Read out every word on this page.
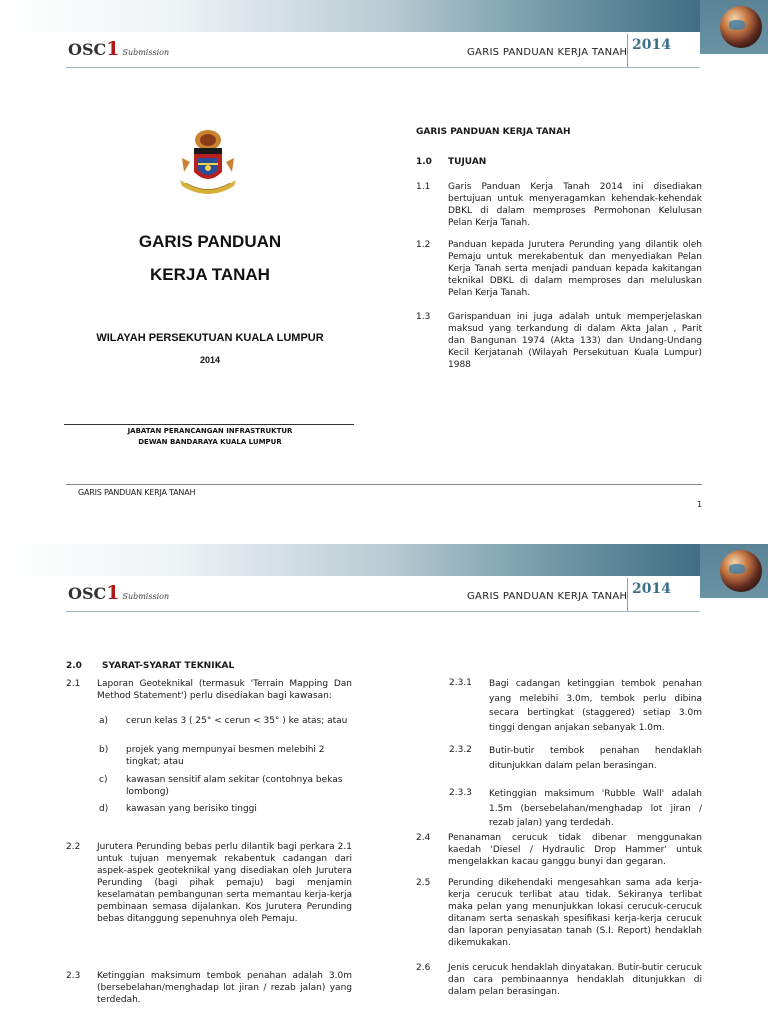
OSC1 Submission	GARIS PANDUAN KERJA TANAH 2014
GARIS PANDUAN
KERJA TANAH
WILAYAH PERSEKUTUAN KUALA LUMPUR
2014
JABATAN PERANCANGAN INFRASTRUKTUR
DEWAN BANDARAYA KUALA LUMPUR
GARIS PANDUAN KERJA TANAH
1.0 TUJUAN
1.1 Garis Panduan Kerja Tanah 2014 ini disediakan bertujuan untuk menyeragamkan kehendak-kehendak DBKL di dalam memproses Permohonan Kelulusan Pelan Kerja Tanah.
1.2 Panduan kepada Jurutera Perunding yang dilantik oleh Pemaju untuk merekabentuk dan menyediakan Pelan Kerja Tanah serta menjadi panduan kepada kakitangan teknikal DBKL di dalam memproses dan meluluskan Pelan Kerja Tanah.
1.3 Garispanduan ini juga adalah untuk memperjelaskan maksud yang terkandung di dalam Akta Jalan , Parit dan Bangunan 1974 (Akta 133) dan Undang-Undang Kecil Kerjatanah (Wilayah Persekutuan Kuala Lumpur) 1988
GARIS PANDUAN KERJA TANAH
1
OSC1 Submission	GARIS PANDUAN KERJA TANAH 2014
2.0 SYARAT-SYARAT TEKNIKAL
2.1 Laporan Geoteknikal (termasuk 'Terrain Mapping Dan Method Statement') perlu disediakan bagi kawasan:
a) cerun kelas 3 ( 25° < cerun < 35° ) ke atas; atau
b) projek yang mempunyai besmen melebihi 2 tingkat; atau
c) kawasan sensitif alam sekitar (contohnya bekas lombong)
d) kawasan yang berisiko tinggi
2.2 Jurutera Perunding bebas perlu dilantik bagi perkara 2.1 untuk tujuan menyemak rekabentuk cadangan dari aspek-aspek geoteknikal yang disediakan oleh Jurutera Perunding (bagi pihak pemaju) bagi menjamin keselamatan pembangunan serta memantau kerja-kerja pembinaan semasa dijalankan. Kos Jurutera Perunding bebas ditanggung sepenuhnya oleh Pemaju.
2.3 Ketinggian maksimum tembok penahan adalah 3.0m (bersebelahan/menghadap lot jiran / rezab jalan) yang terdedah.
2.3.1 Bagi cadangan ketinggian tembok penahan yang melebihi 3.0m, tembok perlu dibina secara bertingkat (staggered) setiap 3.0m tinggi dengan anjakan sebanyak 1.0m.
2.3.2 Butir-butir tembok penahan hendaklah ditunjukkan dalam pelan berasingan.
2.3.3 Ketinggian maksimum 'Rubble Wall' adalah 1.5m (bersebelahan/menghadap lot jiran / rezab jalan) yang terdedah.
2.4 Penanaman cerucuk tidak dibenar menggunakan kaedah 'Diesel / Hydraulic Drop Hammer' untuk mengelakkan kacau ganggu bunyi dan gegaran.
2.5 Perunding dikehendaki mengesahkan sama ada kerja-kerja cerucuk terlibat atau tidak. Sekiranya terlibat maka pelan yang menunjukkan lokasi cerucuk-cerucuk ditanam serta senaskah spesifikasi kerja-kerja cerucuk dan laporan penyiasatan tanah (S.I. Report) hendaklah dikemukakan.
2.6 Jenis cerucuk hendaklah dinyatakan. Butir-butir cerucuk dan cara pembinaannya hendaklah ditunjukkan di dalam pelan berasingan.
